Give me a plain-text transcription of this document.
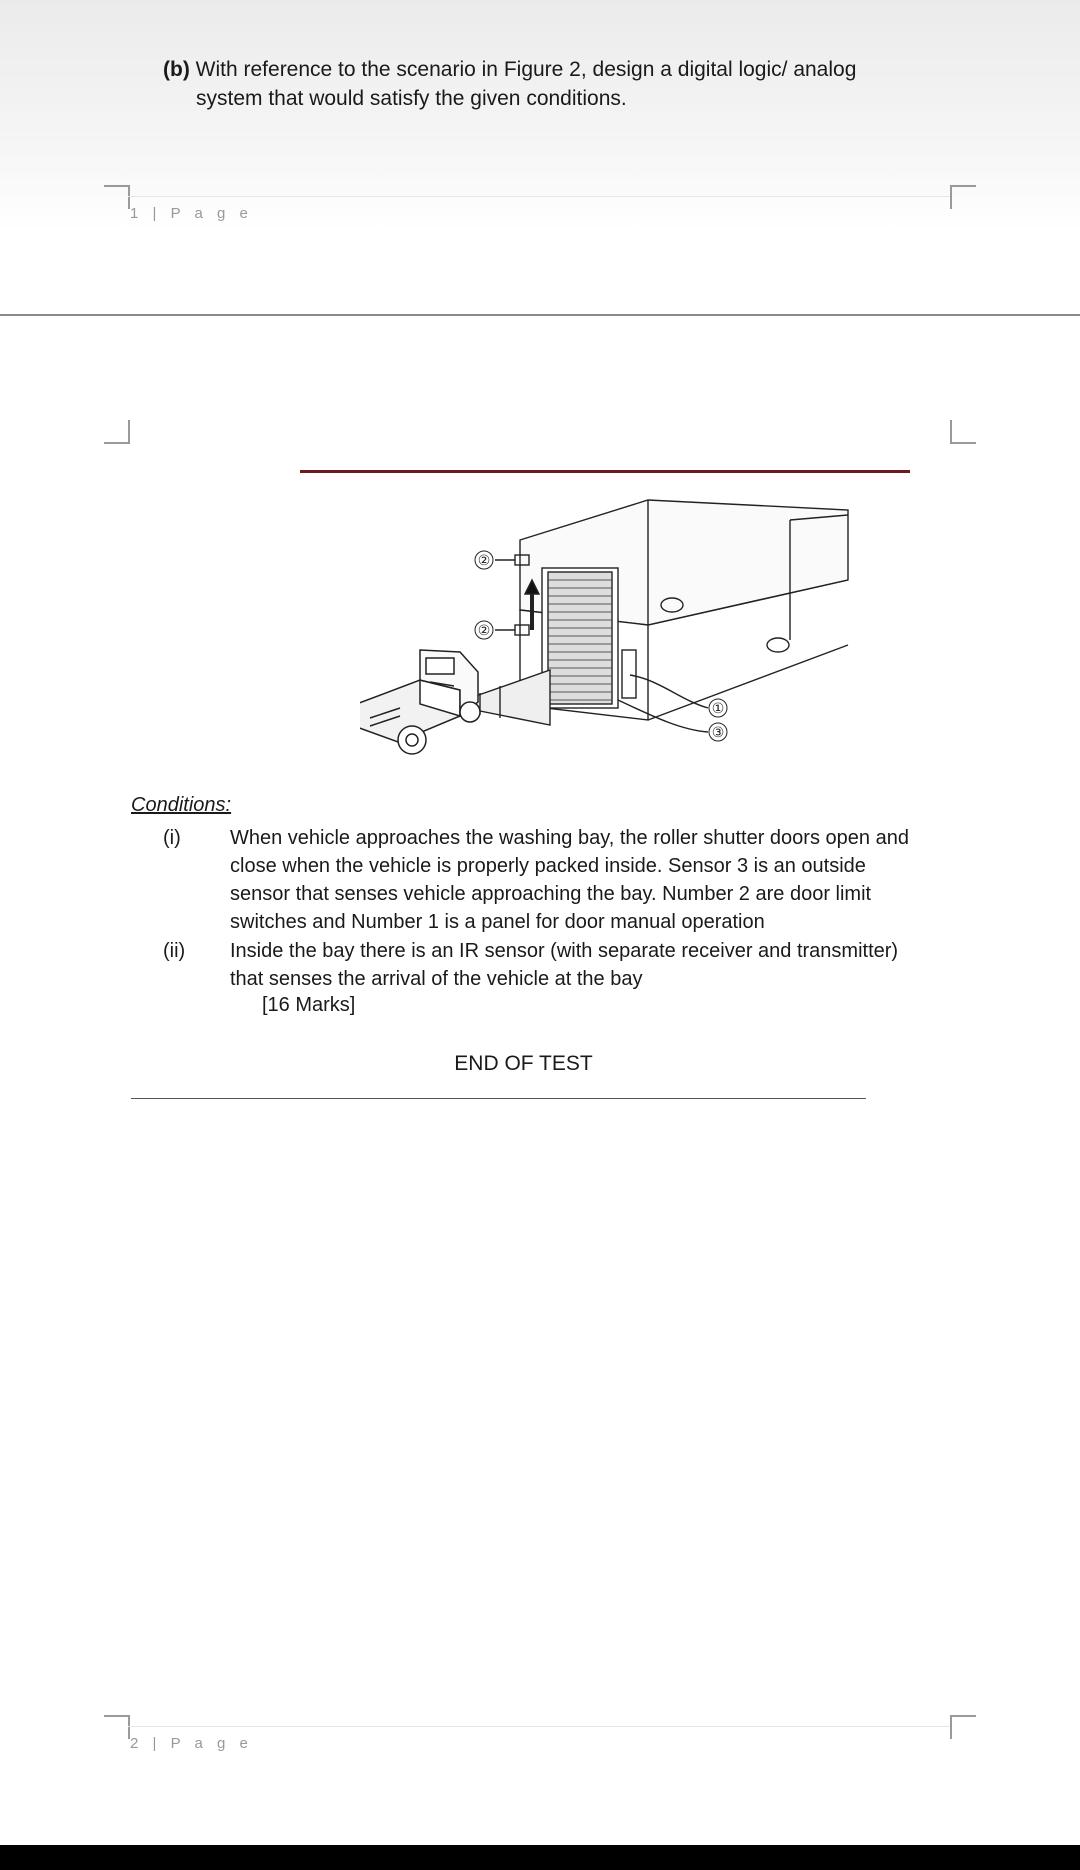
(b) With reference to the scenario in Figure 2, design a digital logic/ analog
system that would satisfy the given conditions.
1 | P a g e
②
②
①
③
Conditions:
(i)	When vehicle approaches the washing bay, the roller shutter doors open and close when the vehicle is properly packed inside. Sensor 3 is an outside sensor that senses vehicle approaching the bay. Number 2 are door limit switches and Number 1 is a panel for door manual operation
(ii)	Inside the bay there is an IR sensor (with separate receiver and transmitter) that senses the arrival of the vehicle at the bay
[16 Marks]
END OF TEST
2 | P a g e
